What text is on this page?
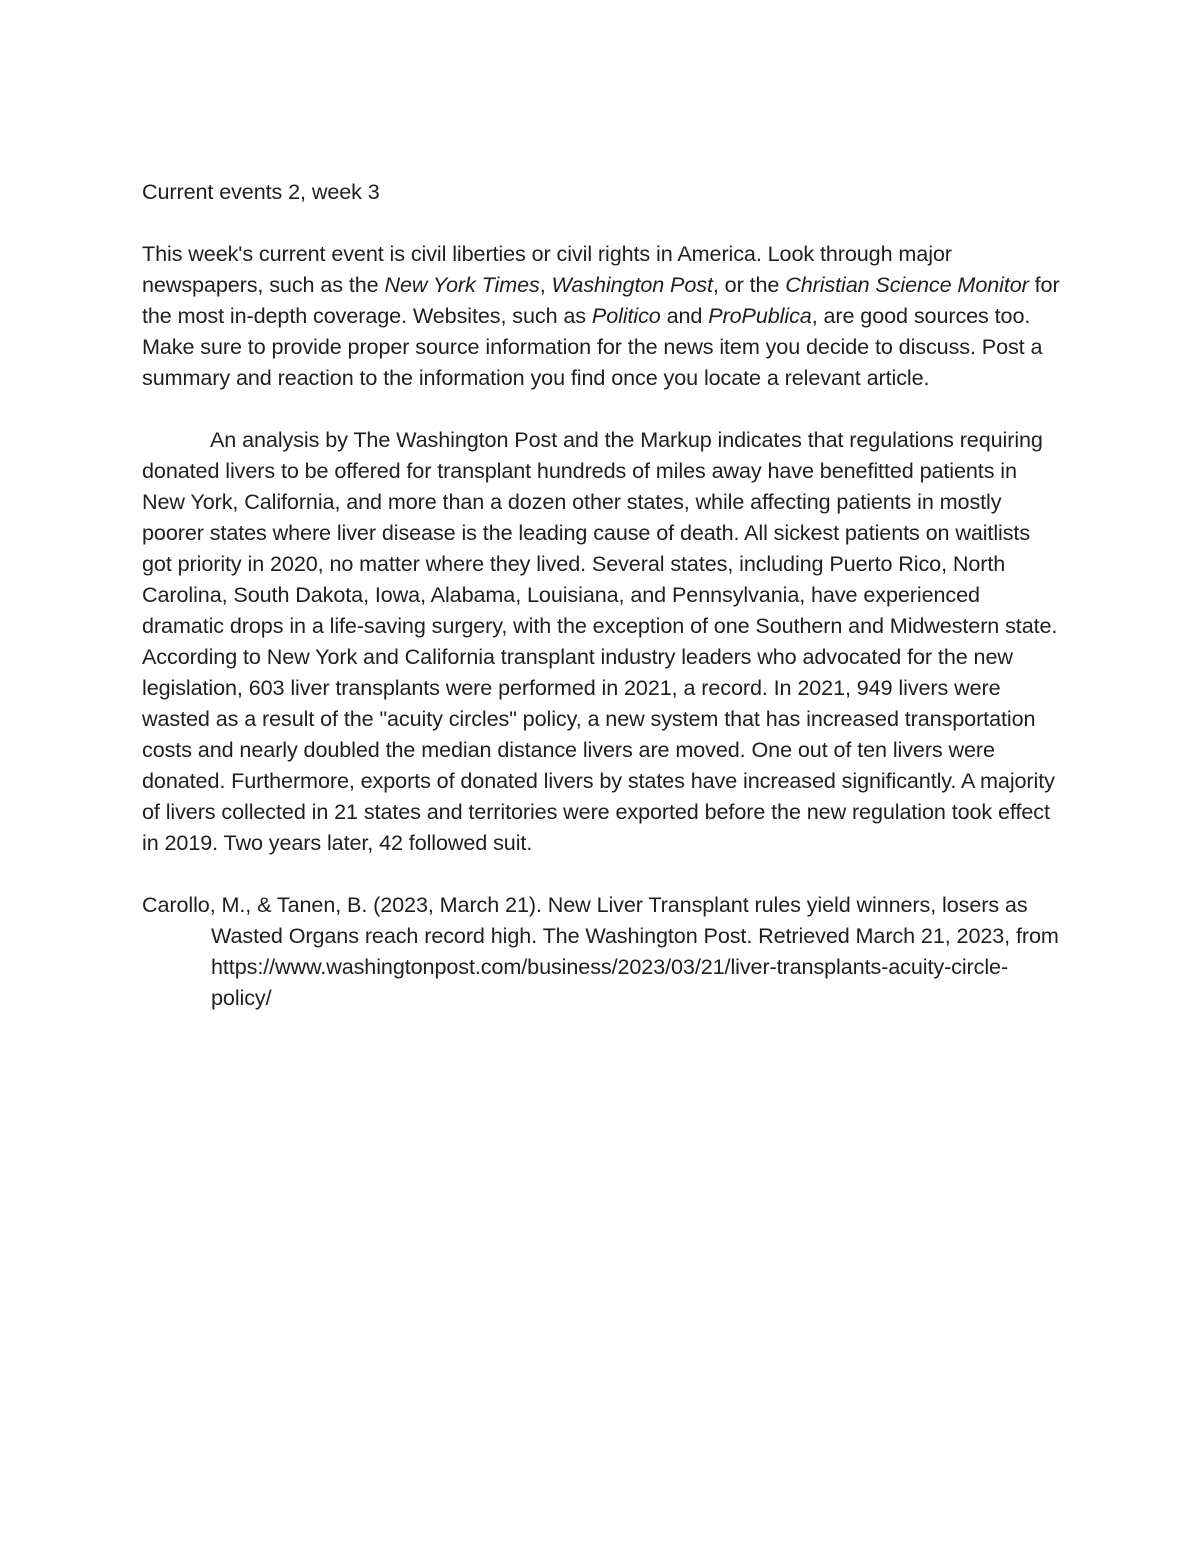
Current events 2, week 3

This week's current event is civil liberties or civil rights in America. Look through major newspapers, such as the New York Times, Washington Post, or the Christian Science Monitor for the most in-depth coverage. Websites, such as Politico and ProPublica, are good sources too. Make sure to provide proper source information for the news item you decide to discuss. Post a summary and reaction to the information you find once you locate a relevant article.

An analysis by The Washington Post and the Markup indicates that regulations requiring donated livers to be offered for transplant hundreds of miles away have benefitted patients in New York, California, and more than a dozen other states, while affecting patients in mostly poorer states where liver disease is the leading cause of death. All sickest patients on waitlists got priority in 2020, no matter where they lived. Several states, including Puerto Rico, North Carolina, South Dakota, Iowa, Alabama, Louisiana, and Pennsylvania, have experienced dramatic drops in a life-saving surgery, with the exception of one Southern and Midwestern state. According to New York and California transplant industry leaders who advocated for the new legislation, 603 liver transplants were performed in 2021, a record. In 2021, 949 livers were wasted as a result of the "acuity circles" policy, a new system that has increased transportation costs and nearly doubled the median distance livers are moved. One out of ten livers were donated. Furthermore, exports of donated livers by states have increased significantly. A majority of livers collected in 21 states and territories were exported before the new regulation took effect in 2019. Two years later, 42 followed suit.

Carollo, M., & Tanen, B. (2023, March 21). New Liver Transplant rules yield winners, losers as Wasted Organs reach record high. The Washington Post. Retrieved March 21, 2023, from https://www.washingtonpost.com/business/2023/03/21/liver-transplants-acuity-circle-policy/
